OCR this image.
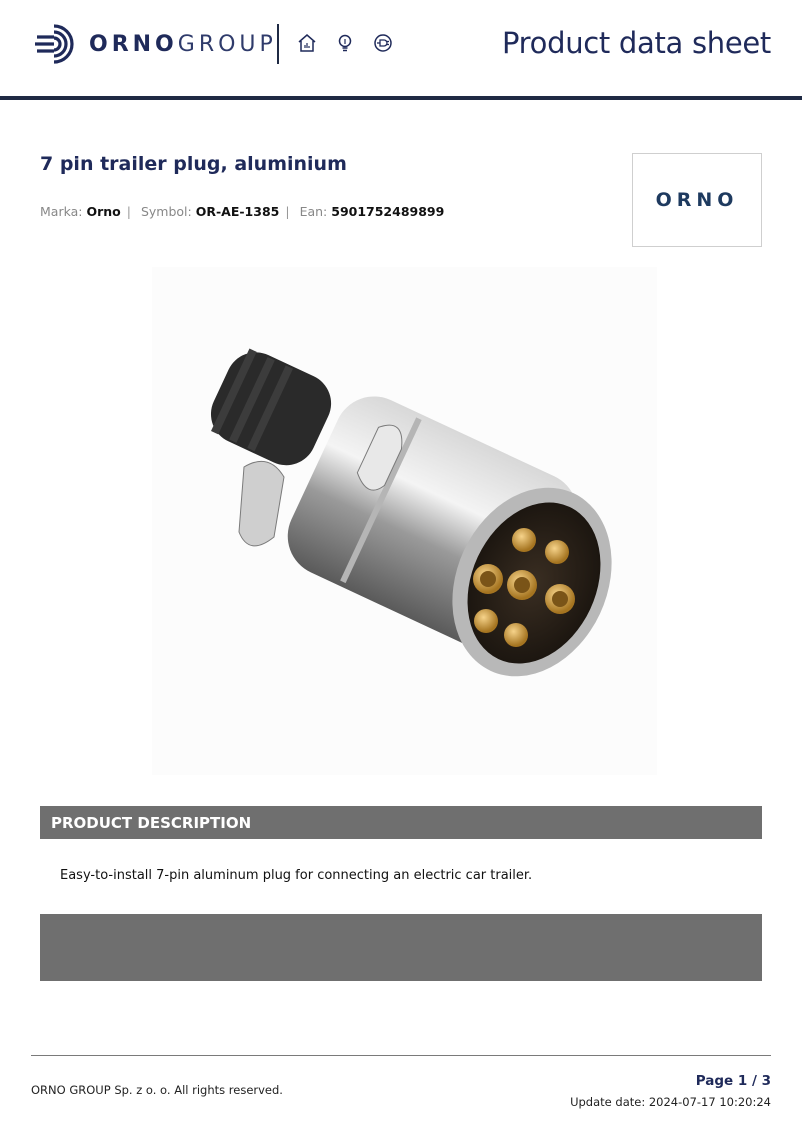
ORNOGROUP	Product data sheet
7 pin trailer plug, aluminium
Marka: Orno | Symbol: OR-AE-1385 | Ean: 5901752489899
ORNO
PRODUCT DESCRIPTION
Easy-to-install 7-pin aluminum plug for connecting an electric car trailer.
ORNO GROUP Sp. z o. o. All rights reserved.
Page 1 / 3
Update date: 2024-07-17 10:20:24
